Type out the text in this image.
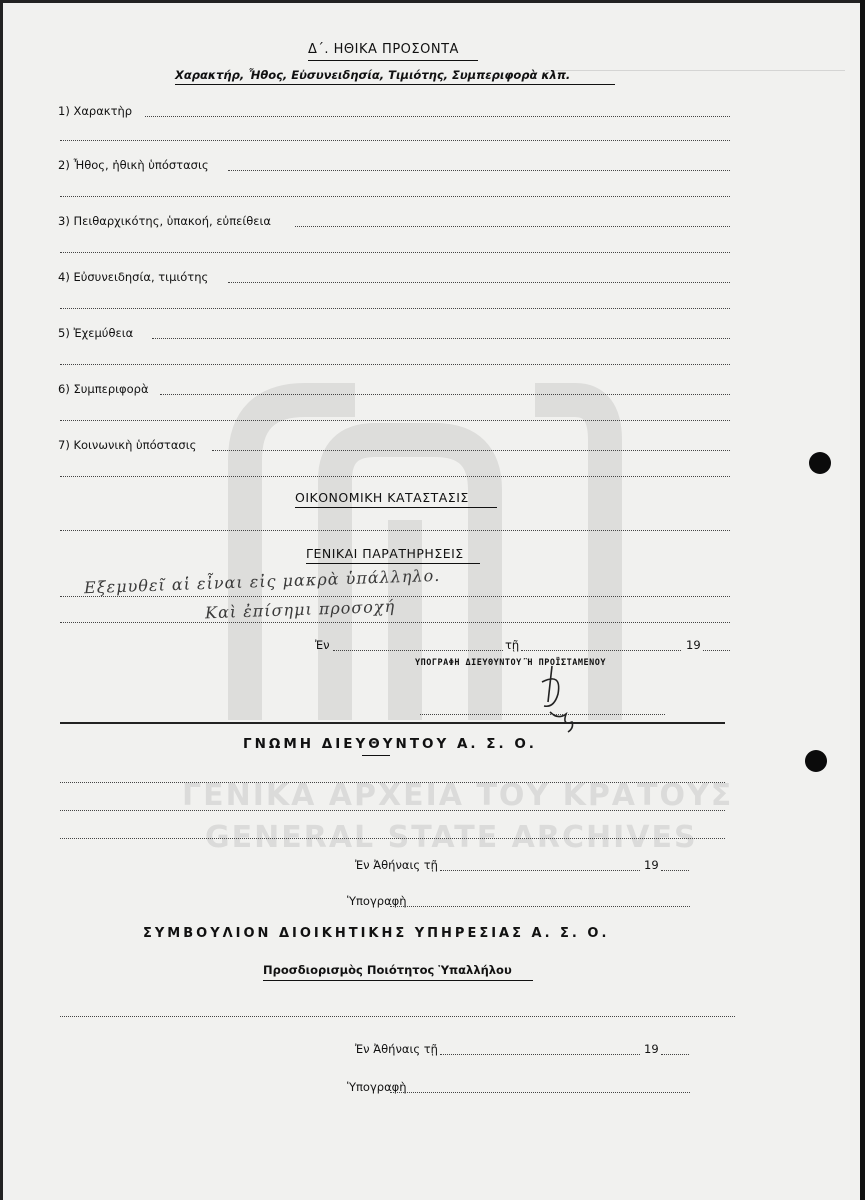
ΓΕΝΙΚΑ ΑΡΧΕΙΑ ΤΟΥ ΚΡΑΤΟΥΣ
GENERAL STATE ARCHIVES
Δ΄. ΗΘΙΚΑ ΠΡΟΣΟΝΤΑ
Χαρακτήρ, Ἦθος, Εὐσυνειδησία, Τιμιότης, Συμπεριφορὰ κλπ.
1) Χαρακτὴρ
2) Ἦθος, ἠθικὴ ὑπόστασις
3) Πειθαρχικότης, ὑπακοή, εὐπείθεια
4) Εὐσυνειδησία, τιμιότης
5) Ἐχεμύθεια
6) Συμπεριφορὰ
7) Κοινωνικὴ ὑπόστασις
ΟΙΚΟΝΟΜΙΚΗ ΚΑΤΑΣΤΑΣΙΣ
ΓΕΝΙΚΑΙ ΠΑΡΑΤΗΡΗΣΕΙΣ
Εξεμυθεῖ αἱ εἶναι εἰς μακρὰ ὑπάλληλο.
Καὶ ἐπίσημι προσοχή
Ἐν	τῇ	19
ΥΠΟΓΡΑΦΗ ΔΙΕΥΘΥΝΤΟΥ Ἢ ΠΡΟΪΣΤΑΜΕΝΟΥ
ΓΝΩΜΗ ΔΙΕΥΘΥΝΤΟΥ Α. Σ. Ο.
Ἐν Ἀθήναις τῇ	19
Ὑπογραφὴ
ΣΥΜΒΟΥΛΙΟΝ ΔΙΟΙΚΗΤΙΚΗΣ ΥΠΗΡΕΣΙΑΣ Α. Σ. Ο.
Προσδιορισμὸς Ποιότητος Ὑπαλλήλου
Ἐν Ἀθήναις τῇ	19
Ὑπογραφὴ
